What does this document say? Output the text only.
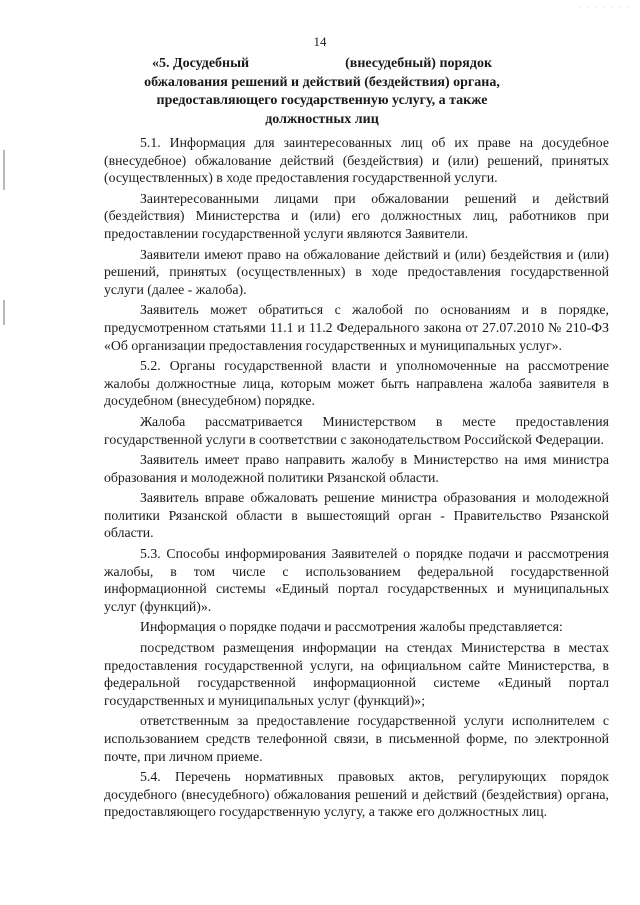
· · · · · · ·
14
«5. Досудебный	(внесудебный) порядок
обжалования решений и действий (бездействия) органа,
предоставляющего государственную услугу, а также
должностных лиц

5.1. Информация для заинтересованных лиц об их праве на досудебное (внесудебное) обжалование действий (бездействия) и (или) решений, принятых (осуществленных) в ходе предоставления государственной услуги.

Заинтересованными лицами при обжаловании решений и действий (бездействия) Министерства и (или) его должностных лиц, работников при предоставлении государственной услуги являются Заявители.

Заявители имеют право на обжалование действий и (или) бездействия и (или) решений, принятых (осуществленных) в ходе предоставления государственной услуги (далее - жалоба).

Заявитель может обратиться с жалобой по основаниям и в порядке, предусмотренном статьями 11.1 и 11.2 Федерального закона от 27.07.2010 № 210-ФЗ «Об организации предоставления государственных и муниципальных услуг».

5.2. Органы государственной власти и уполномоченные на рассмотрение жалобы должностные лица, которым может быть направлена жалоба заявителя в досудебном (внесудебном) порядке.

Жалоба рассматривается Министерством в месте предоставления государственной услуги в соответствии с законодательством Российской Федерации.

Заявитель имеет право направить жалобу в Министерство на имя министра образования и молодежной политики Рязанской области.

Заявитель вправе обжаловать решение министра образования и молодежной политики Рязанской области в вышестоящий орган - Правительство Рязанской области.

5.3. Способы информирования Заявителей о порядке подачи и рассмотрения жалобы, в том числе с использованием федеральной государственной информационной системы «Единый портал государственных и муниципальных услуг (функций)».

Информация о порядке подачи и рассмотрения жалобы представляется:

посредством размещения информации на стендах Министерства в местах предоставления государственной услуги, на официальном сайте Министерства, в федеральной государственной информационной системе «Единый портал государственных и муниципальных услуг (функций)»;

ответственным за предоставление государственной услуги исполнителем с использованием средств телефонной связи, в письменной форме, по электронной почте, при личном приеме.

5.4. Перечень нормативных правовых актов, регулирующих порядок досудебного (внесудебного) обжалования решений и действий (бездействия) органа, предоставляющего государственную услугу, а также его должностных лиц.
